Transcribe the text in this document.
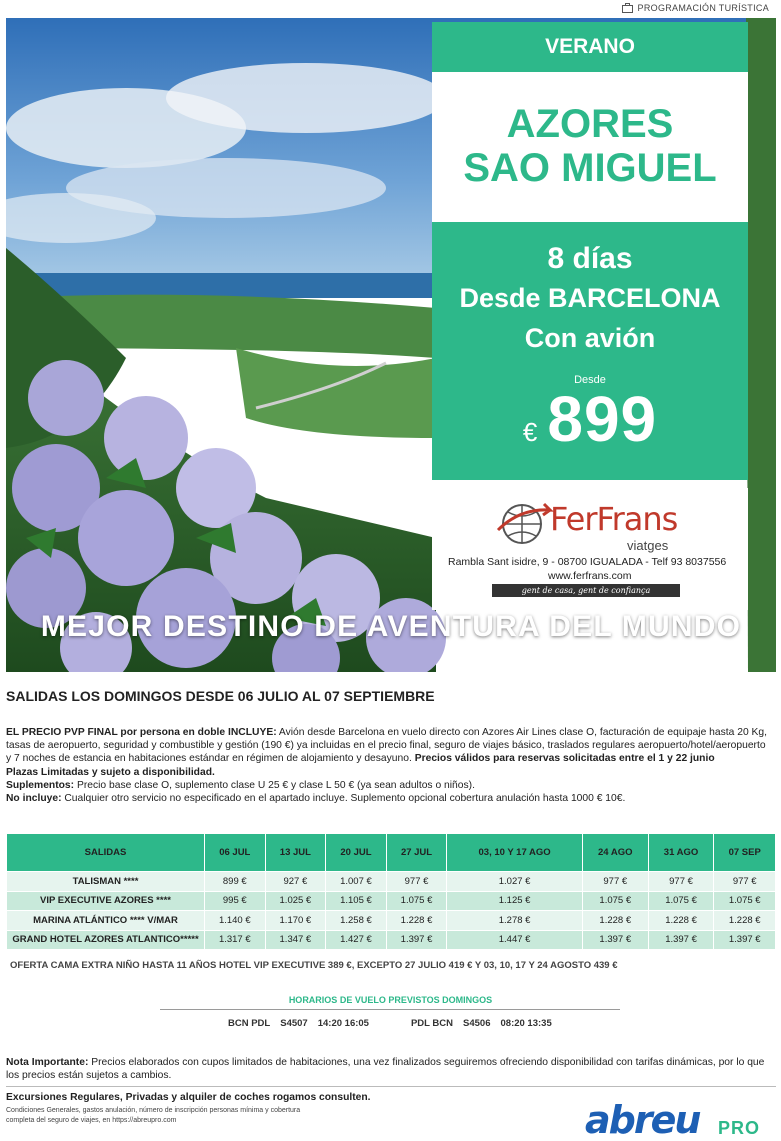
PROGRAMACIÓN TURÍSTICA
VERANO
AZORES
SAO MIGUEL
8 días
Desde BARCELONA
Con avión
Desde
€ 899
FerFrans
viatges
Rambla Sant isidre, 9 - 08700 IGUALADA - Telf 93 8037556
www.ferfrans.com
gent de casa, gent de confiança
MEJOR DESTINO DE AVENTURA DEL MUNDO
SALIDAS LOS DOMINGOS DESDE 06 JULIO AL 07 SEPTIEMBRE
EL PRECIO PVP FINAL por persona en doble INCLUYE: Avión desde Barcelona en vuelo directo con Azores Air Lines clase O, facturación de equipaje hasta 20 Kg, tasas de aeropuerto, seguridad y combustible y gestión (190 €) ya incluidas en el precio final, seguro de viajes básico, traslados regulares aeropuerto/hotel/aeropuerto y 7 noches de estancia en habitaciones estándar en régimen de alojamiento y desayuno. Precios válidos para reservas solicitadas entre el 1 y 22 junio
Plazas Limitadas y sujeto a disponibilidad.
Suplementos: Precio base clase O, suplemento clase U 25 € y clase L 50 € (ya sean adultos o niños).
No incluye: Cualquier otro servicio no especificado en el apartado incluye. Suplemento opcional cobertura anulación hasta 1000 € 10€.
SALIDAS	06 JUL	13 JUL	20 JUL	27 JUL	03, 10 Y 17 AGO	24 AGO	31 AGO	07 SEP
TALISMAN ****	899 €	927 €	1.007 €	977 €	1.027 €	977 €	977 €	977 €
VIP EXECUTIVE AZORES ****	995 €	1.025 €	1.105 €	1.075 €	1.125 €	1.075 €	1.075 €	1.075 €
MARINA ATLÁNTICO **** V/MAR	1.140 €	1.170 €	1.258 €	1.228 €	1.278 €	1.228 €	1.228 €	1.228 €
GRAND HOTEL AZORES ATLANTICO*****	1.317 €	1.347 €	1.427 €	1.397 €	1.447 €	1.397 €	1.397 €	1.397 €
OFERTA CAMA EXTRA NIÑO HASTA 11 AÑOS HOTEL VIP EXECUTIVE 389 €, EXCEPTO 27 JULIO 419 € Y 03, 10, 17 Y 24 AGOSTO 439 €
HORARIOS DE VUELO PREVISTOS DOMINGOS
BCN PDL S4507 14:20 16:05	PDL BCN S4506 08:20 13:35
Nota Importante: Precios elaborados con cupos limitados de habitaciones, una vez finalizados seguiremos ofreciendo disponibilidad con tarifas dinámicas, por lo que los precios están sujetos a cambios.
Excursiones Regulares, Privadas y alquiler de coches rogamos consulten.
Condiciones Generales, gastos anulación, número de inscripción personas mínima y cobertura completa del seguro de viajes, en https://abreupro.com	abreu PRO
